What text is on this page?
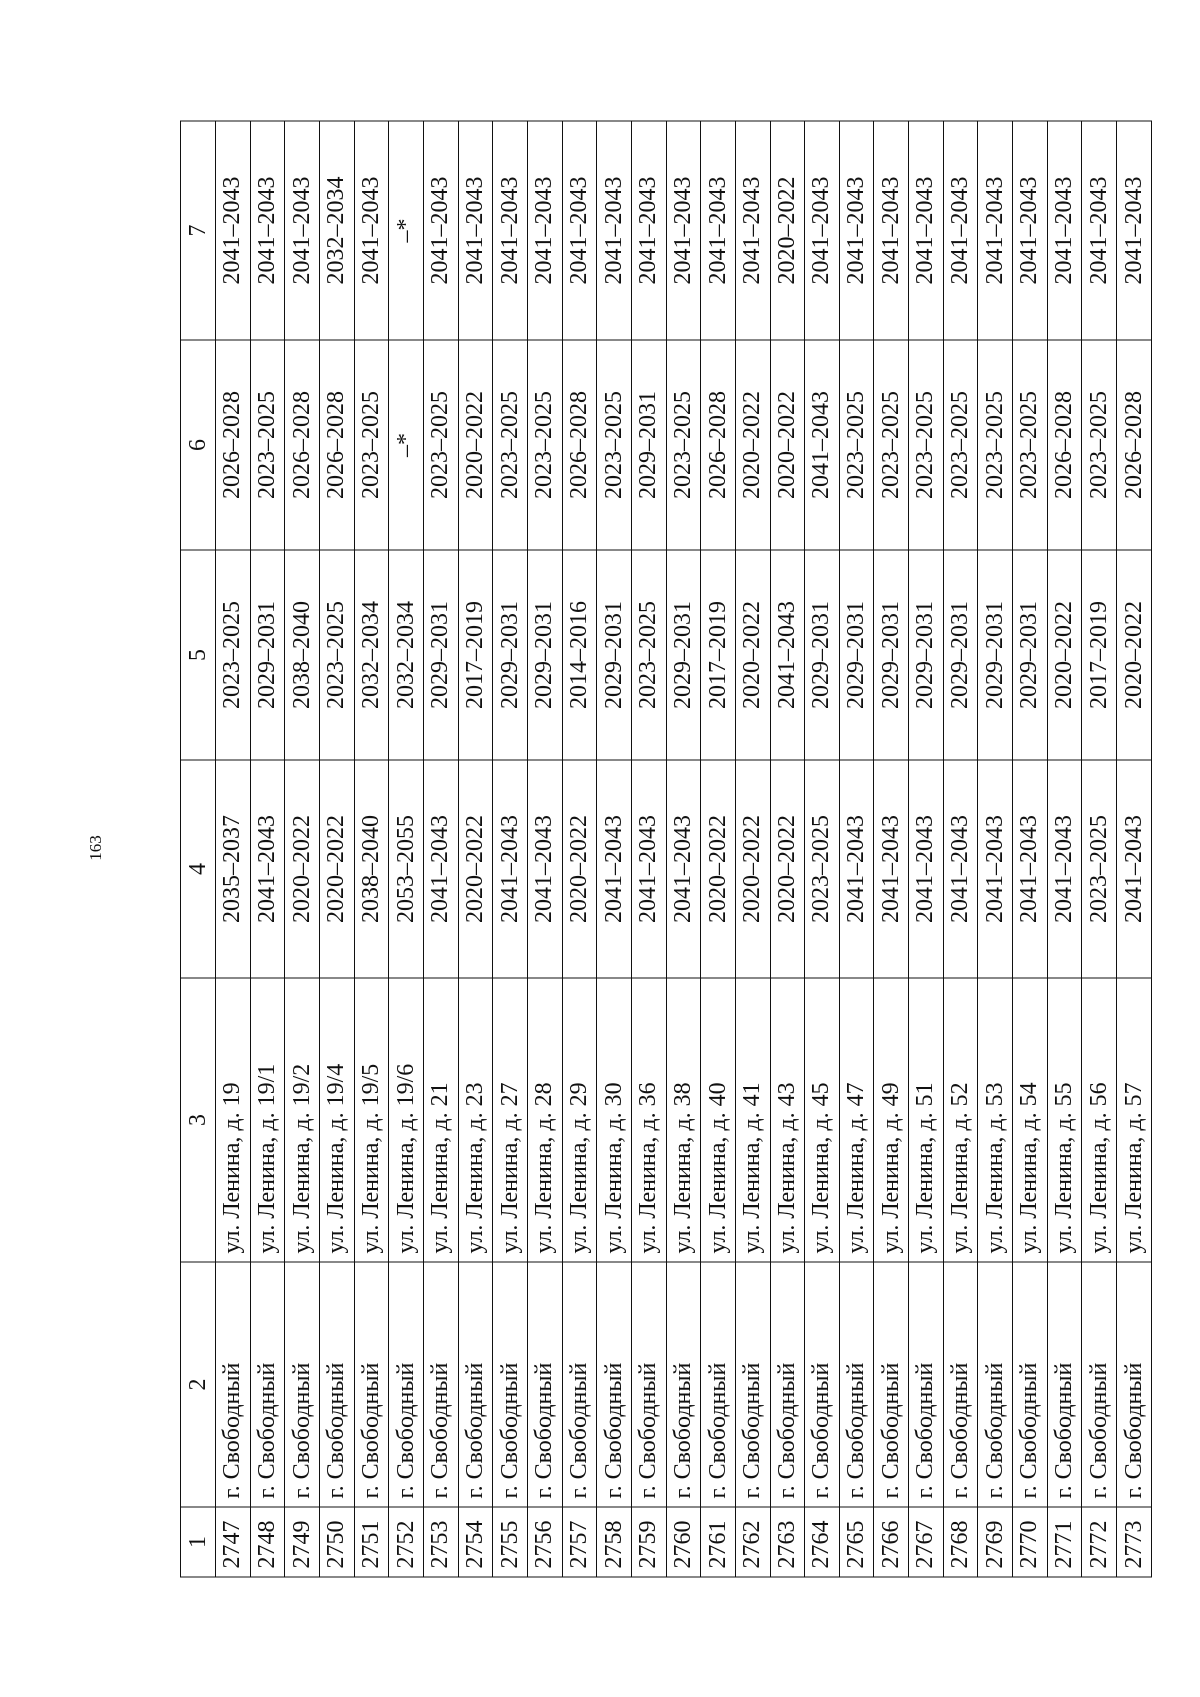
163
1	2	3	4	5	6	7
2747	г. Свободный	ул. Ленина, д. 19	2035–2037	2023–2025	2026–2028	2041–2043
2748	г. Свободный	ул. Ленина, д. 19/1	2041–2043	2029–2031	2023–2025	2041–2043
2749	г. Свободный	ул. Ленина, д. 19/2	2020–2022	2038–2040	2026–2028	2041–2043
2750	г. Свободный	ул. Ленина, д. 19/4	2020–2022	2023–2025	2026–2028	2032–2034
2751	г. Свободный	ул. Ленина, д. 19/5	2038–2040	2032–2034	2023–2025	2041–2043
2752	г. Свободный	ул. Ленина, д. 19/6	2053–2055	2032–2034	–*	–*
2753	г. Свободный	ул. Ленина, д. 21	2041–2043	2029–2031	2023–2025	2041–2043
2754	г. Свободный	ул. Ленина, д. 23	2020–2022	2017–2019	2020–2022	2041–2043
2755	г. Свободный	ул. Ленина, д. 27	2041–2043	2029–2031	2023–2025	2041–2043
2756	г. Свободный	ул. Ленина, д. 28	2041–2043	2029–2031	2023–2025	2041–2043
2757	г. Свободный	ул. Ленина, д. 29	2020–2022	2014–2016	2026–2028	2041–2043
2758	г. Свободный	ул. Ленина, д. 30	2041–2043	2029–2031	2023–2025	2041–2043
2759	г. Свободный	ул. Ленина, д. 36	2041–2043	2023–2025	2029–2031	2041–2043
2760	г. Свободный	ул. Ленина, д. 38	2041–2043	2029–2031	2023–2025	2041–2043
2761	г. Свободный	ул. Ленина, д. 40	2020–2022	2017–2019	2026–2028	2041–2043
2762	г. Свободный	ул. Ленина, д. 41	2020–2022	2020–2022	2020–2022	2041–2043
2763	г. Свободный	ул. Ленина, д. 43	2020–2022	2041–2043	2020–2022	2020–2022
2764	г. Свободный	ул. Ленина, д. 45	2023–2025	2029–2031	2041–2043	2041–2043
2765	г. Свободный	ул. Ленина, д. 47	2041–2043	2029–2031	2023–2025	2041–2043
2766	г. Свободный	ул. Ленина, д. 49	2041–2043	2029–2031	2023–2025	2041–2043
2767	г. Свободный	ул. Ленина, д. 51	2041–2043	2029–2031	2023–2025	2041–2043
2768	г. Свободный	ул. Ленина, д. 52	2041–2043	2029–2031	2023–2025	2041–2043
2769	г. Свободный	ул. Ленина, д. 53	2041–2043	2029–2031	2023–2025	2041–2043
2770	г. Свободный	ул. Ленина, д. 54	2041–2043	2029–2031	2023–2025	2041–2043
2771	г. Свободный	ул. Ленина, д. 55	2041–2043	2020–2022	2026–2028	2041–2043
2772	г. Свободный	ул. Ленина, д. 56	2023–2025	2017–2019	2023–2025	2041–2043
2773	г. Свободный	ул. Ленина, д. 57	2041–2043	2020–2022	2026–2028	2041–2043
